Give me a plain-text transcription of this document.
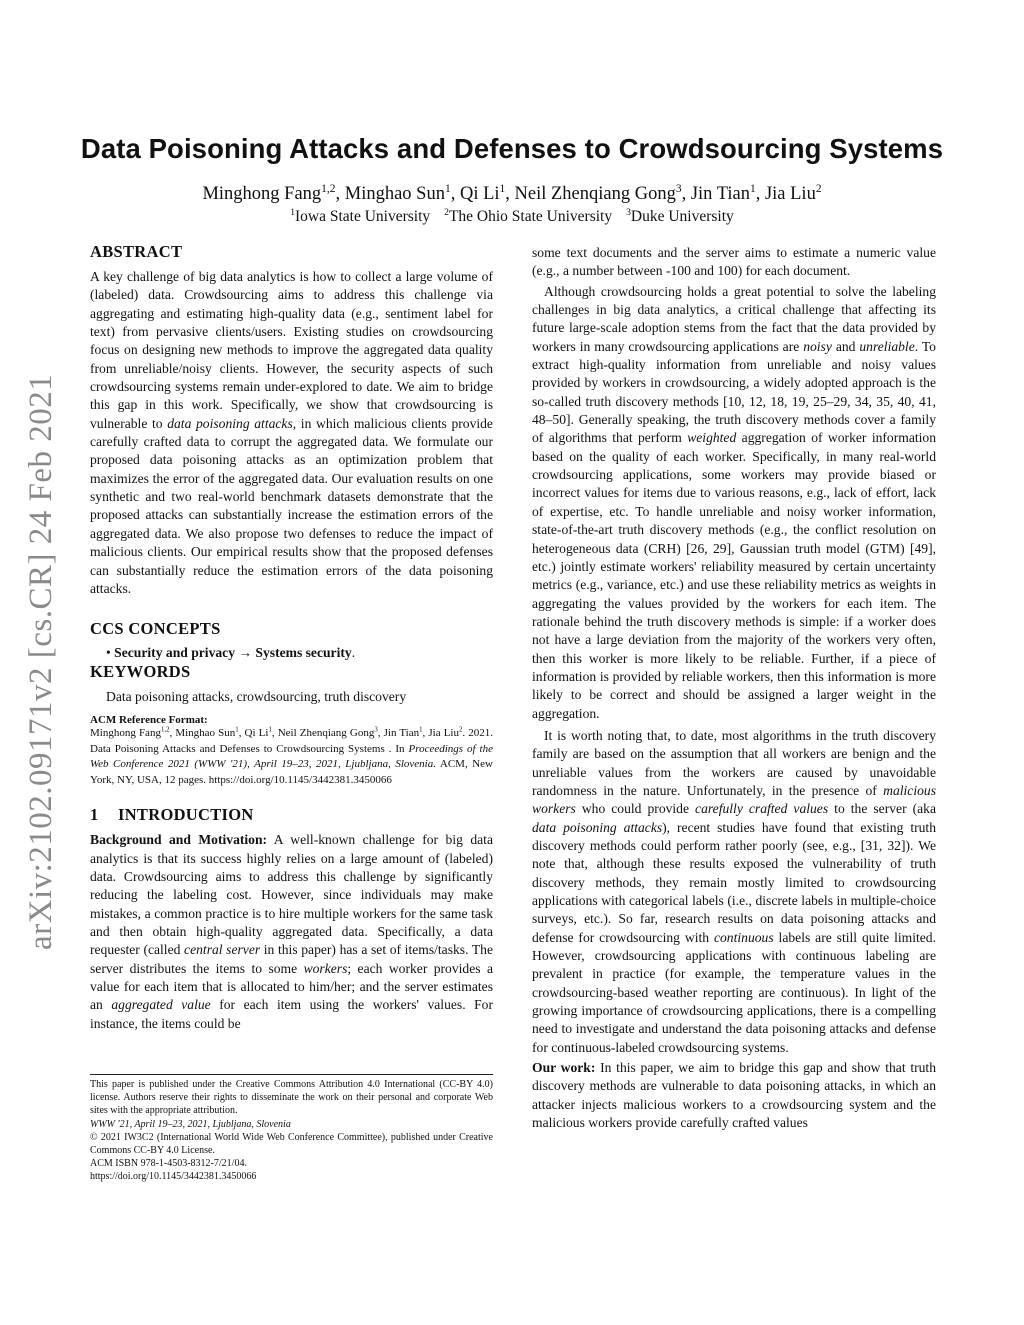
arXiv:2102.09171v2 [cs.CR] 24 Feb 2021
Data Poisoning Attacks and Defenses to Crowdsourcing Systems
Minghong Fang$^{1,2}$, Minghao Sun$^1$, Qi Li$^1$, Neil Zhenqiang Gong$^3$, Jin Tian$^1$, Jia Liu$^2$
$^1$Iowa State University $^2$The Ohio State University $^3$Duke University
ABSTRACT

A key challenge of big data analytics is how to collect a large volume of (labeled) data. Crowdsourcing aims to address this challenge via aggregating and estimating high-quality data (e.g., sentiment label for text) from pervasive clients/users. Existing studies on crowdsourcing focus on designing new methods to improve the aggregated data quality from unreliable/noisy clients. However, the security aspects of such crowdsourcing systems remain under-explored to date. We aim to bridge this gap in this work. Specifically, we show that crowdsourcing is vulnerable to data poisoning attacks, in which malicious clients provide carefully crafted data to corrupt the aggregated data. We formulate our proposed data poisoning attacks as an optimization problem that maximizes the error of the aggregated data. Our evaluation results on one synthetic and two real-world benchmark datasets demonstrate that the proposed attacks can substantially increase the estimation errors of the aggregated data. We also propose two defenses to reduce the impact of malicious clients. Our empirical results show that the proposed defenses can substantially reduce the estimation errors of the data poisoning attacks.

CCS CONCEPTS

• Security and privacy → Systems security.

KEYWORDS

Data poisoning attacks, crowdsourcing, truth discovery

ACM Reference Format:

Minghong Fang$^{1,2}$, Minghao Sun$^1$, Qi Li$^1$, Neil Zhenqiang Gong$^3$, Jin Tian$^1$, Jia Liu$^2$. 2021. Data Poisoning Attacks and Defenses to Crowdsourcing Systems . In Proceedings of the Web Conference 2021 (WWW '21), April 19–23, 2021, Ljubljana, Slovenia. ACM, New York, NY, USA, 12 pages. https://doi.org/10.1145/3442381.3450066

1 INTRODUCTION

Background and Motivation: A well-known challenge for big data analytics is that its success highly relies on a large amount of (labeled) data. Crowdsourcing aims to address this challenge by significantly reducing the labeling cost. However, since individuals may make mistakes, a common practice is to hire multiple workers for the same task and then obtain high-quality aggregated data. Specifically, a data requester (called central server in this paper) has a set of items/tasks. The server distributes the items to some workers; each worker provides a value for each item that is allocated to him/her; and the server estimates an aggregated value for each item using the workers' values. For instance, the items could be

This paper is published under the Creative Commons Attribution 4.0 International (CC-BY 4.0) license. Authors reserve their rights to disseminate the work on their personal and corporate Web sites with the appropriate attribution.

WWW '21, April 19–23, 2021, Ljubljana, Slovenia

© 2021 IW3C2 (International World Wide Web Conference Committee), published under Creative Commons CC-BY 4.0 License.

ACM ISBN 978-1-4503-8312-7/21/04.

https://doi.org/10.1145/3442381.3450066

some text documents and the server aims to estimate a numeric value (e.g., a number between -100 and 100) for each document.

Although crowdsourcing holds a great potential to solve the labeling challenges in big data analytics, a critical challenge that affecting its future large-scale adoption stems from the fact that the data provided by workers in many crowdsourcing applications are noisy and unreliable. To extract high-quality information from unreliable and noisy values provided by workers in crowdsourcing, a widely adopted approach is the so-called truth discovery methods [10, 12, 18, 19, 25–29, 34, 35, 40, 41, 48–50]. Generally speaking, the truth discovery methods cover a family of algorithms that perform weighted aggregation of worker information based on the quality of each worker. Specifically, in many real-world crowdsourcing applications, some workers may provide biased or incorrect values for items due to various reasons, e.g., lack of effort, lack of expertise, etc. To handle unreliable and noisy worker information, state-of-the-art truth discovery methods (e.g., the conflict resolution on heterogeneous data (CRH) [26, 29], Gaussian truth model (GTM) [49], etc.) jointly estimate workers' reliability measured by certain uncertainty metrics (e.g., variance, etc.) and use these reliability metrics as weights in aggregating the values provided by the workers for each item. The rationale behind the truth discovery methods is simple: if a worker does not have a large deviation from the majority of the workers very often, then this worker is more likely to be reliable. Further, if a piece of information is provided by reliable workers, then this information is more likely to be correct and should be assigned a larger weight in the aggregation.

It is worth noting that, to date, most algorithms in the truth discovery family are based on the assumption that all workers are benign and the unreliable values from the workers are caused by unavoidable randomness in the nature. Unfortunately, in the presence of malicious workers who could provide carefully crafted values to the server (aka data poisoning attacks), recent studies have found that existing truth discovery methods could perform rather poorly (see, e.g., [31, 32]). We note that, although these results exposed the vulnerability of truth discovery methods, they remain mostly limited to crowdsourcing applications with categorical labels (i.e., discrete labels in multiple-choice surveys, etc.). So far, research results on data poisoning attacks and defense for crowdsourcing with continuous labels are still quite limited. However, crowdsourcing applications with continuous labeling are prevalent in practice (for example, the temperature values in the crowdsourcing-based weather reporting are continuous). In light of the growing importance of crowdsourcing applications, there is a compelling need to investigate and understand the data poisoning attacks and defense for continuous-labeled crowdsourcing systems.

Our work: In this paper, we aim to bridge this gap and show that truth discovery methods are vulnerable to data poisoning attacks, in which an attacker injects malicious workers to a crowdsourcing system and the malicious workers provide carefully crafted values
